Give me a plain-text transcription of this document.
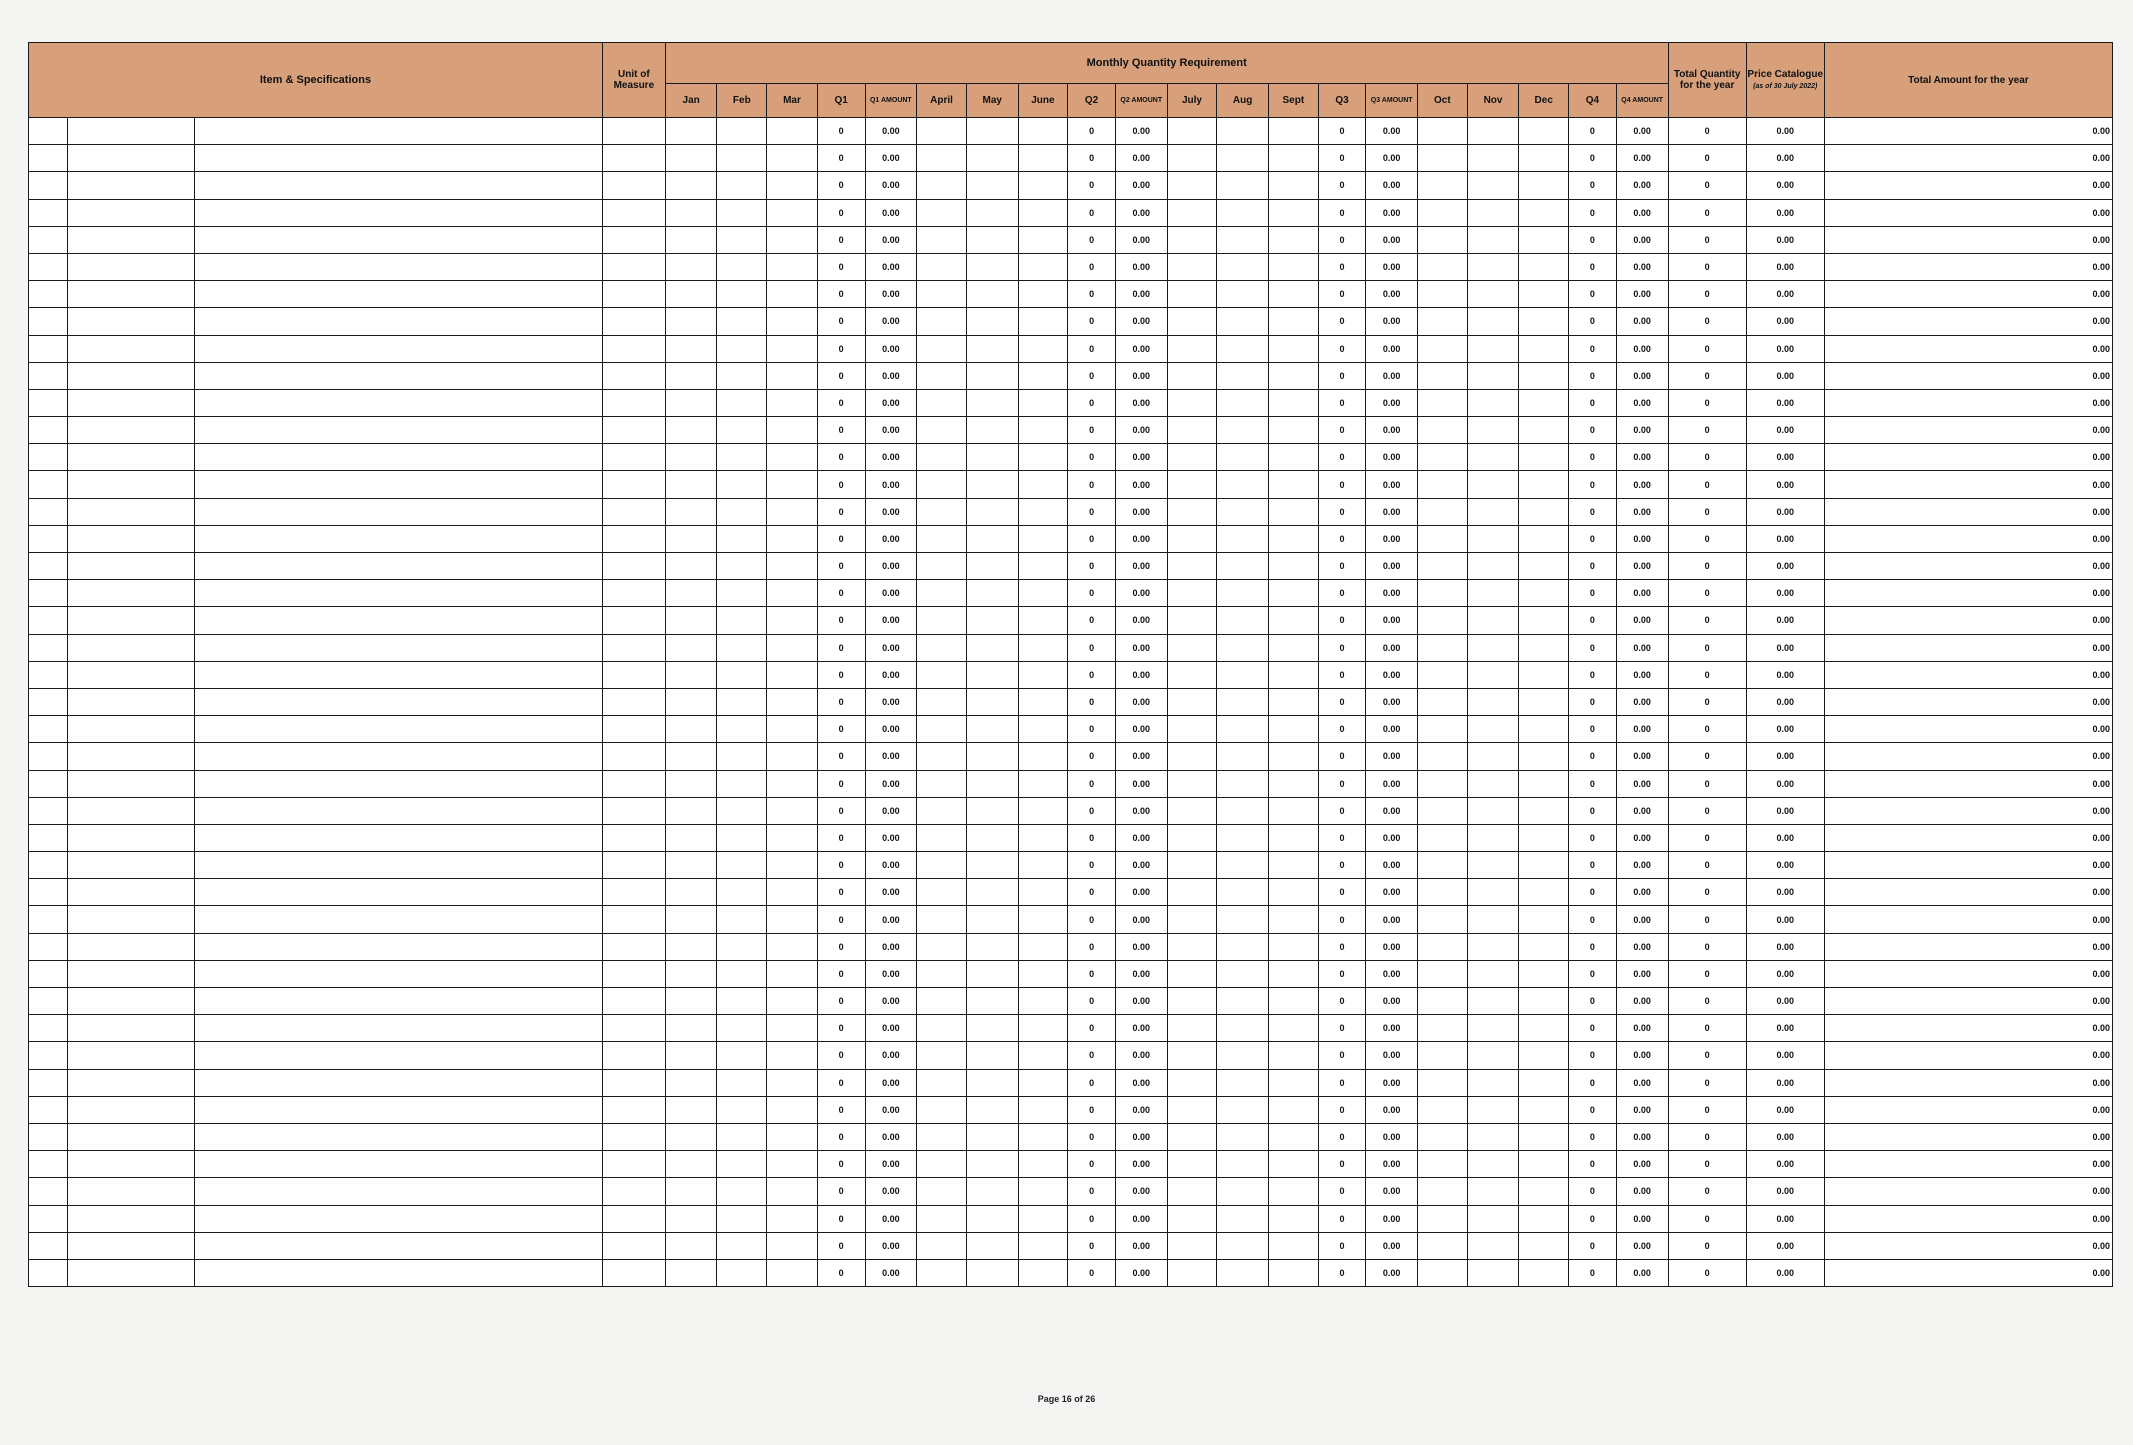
Item & Specifications			Unit of Measure	Monthly Quantity Requirement																				Total Quantity for the year	Price Catalogue
(as of 30 July 2022)	Total Amount for the year
				Jan	Feb	Mar	Q1	Q1 AMOUNT	April	May	June	Q2	Q2 AMOUNT	July	Aug	Sept	Q3	Q3 AMOUNT	Oct	Nov	Dec	Q4	Q4 AMOUNT			
							0	0.00				0	0.00				0	0.00				0	0.00	0	0.00	0.00
							0	0.00				0	0.00				0	0.00				0	0.00	0	0.00	0.00
							0	0.00				0	0.00				0	0.00				0	0.00	0	0.00	0.00
							0	0.00				0	0.00				0	0.00				0	0.00	0	0.00	0.00
							0	0.00				0	0.00				0	0.00				0	0.00	0	0.00	0.00
							0	0.00				0	0.00				0	0.00				0	0.00	0	0.00	0.00
							0	0.00				0	0.00				0	0.00				0	0.00	0	0.00	0.00
							0	0.00				0	0.00				0	0.00				0	0.00	0	0.00	0.00
							0	0.00				0	0.00				0	0.00				0	0.00	0	0.00	0.00
							0	0.00				0	0.00				0	0.00				0	0.00	0	0.00	0.00
							0	0.00				0	0.00				0	0.00				0	0.00	0	0.00	0.00
							0	0.00				0	0.00				0	0.00				0	0.00	0	0.00	0.00
							0	0.00				0	0.00				0	0.00				0	0.00	0	0.00	0.00
							0	0.00				0	0.00				0	0.00				0	0.00	0	0.00	0.00
							0	0.00				0	0.00				0	0.00				0	0.00	0	0.00	0.00
							0	0.00				0	0.00				0	0.00				0	0.00	0	0.00	0.00
							0	0.00				0	0.00				0	0.00				0	0.00	0	0.00	0.00
							0	0.00				0	0.00				0	0.00				0	0.00	0	0.00	0.00
							0	0.00				0	0.00				0	0.00				0	0.00	0	0.00	0.00
							0	0.00				0	0.00				0	0.00				0	0.00	0	0.00	0.00
							0	0.00				0	0.00				0	0.00				0	0.00	0	0.00	0.00
							0	0.00				0	0.00				0	0.00				0	0.00	0	0.00	0.00
							0	0.00				0	0.00				0	0.00				0	0.00	0	0.00	0.00
							0	0.00				0	0.00				0	0.00				0	0.00	0	0.00	0.00
							0	0.00				0	0.00				0	0.00				0	0.00	0	0.00	0.00
							0	0.00				0	0.00				0	0.00				0	0.00	0	0.00	0.00
							0	0.00				0	0.00				0	0.00				0	0.00	0	0.00	0.00
							0	0.00				0	0.00				0	0.00				0	0.00	0	0.00	0.00
							0	0.00				0	0.00				0	0.00				0	0.00	0	0.00	0.00
							0	0.00				0	0.00				0	0.00				0	0.00	0	0.00	0.00
							0	0.00				0	0.00				0	0.00				0	0.00	0	0.00	0.00
							0	0.00				0	0.00				0	0.00				0	0.00	0	0.00	0.00
							0	0.00				0	0.00				0	0.00				0	0.00	0	0.00	0.00
							0	0.00				0	0.00				0	0.00				0	0.00	0	0.00	0.00
							0	0.00				0	0.00				0	0.00				0	0.00	0	0.00	0.00
							0	0.00				0	0.00				0	0.00				0	0.00	0	0.00	0.00
							0	0.00				0	0.00				0	0.00				0	0.00	0	0.00	0.00
							0	0.00				0	0.00				0	0.00				0	0.00	0	0.00	0.00
							0	0.00				0	0.00				0	0.00				0	0.00	0	0.00	0.00
							0	0.00				0	0.00				0	0.00				0	0.00	0	0.00	0.00
							0	0.00				0	0.00				0	0.00				0	0.00	0	0.00	0.00
							0	0.00				0	0.00				0	0.00				0	0.00	0	0.00	0.00
							0	0.00				0	0.00				0	0.00				0	0.00	0	0.00	0.00
Page 16 of 26
